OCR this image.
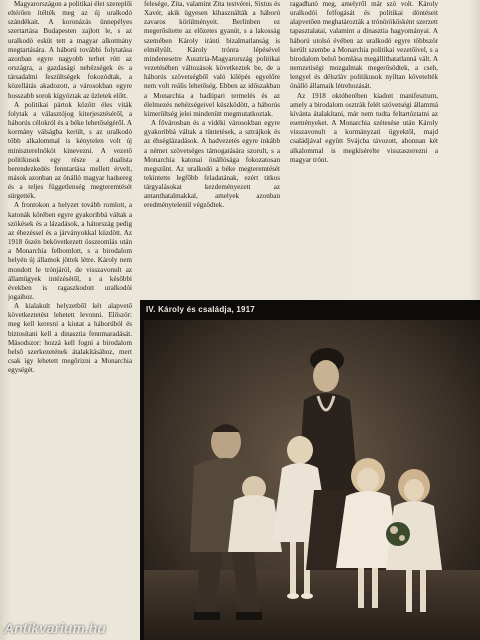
Magyarországon a politikai élet szereplői eltérően ítélték meg az új uralkodó szándékait. A koronázás ünnepélyes szertartása Budapesten zajlott le, s az uralkodó esküt tett a magyar alkotmány megtartására. A háború további folytatása azonban egyre nagyobb terhet rótt az országra, a gazdasági nehézségek és a társadalmi feszültségek fokozódtak, a közellátás akadozott, a városokban egyre hosszabb sorok kígyóztak az üzletek előtt.

A politikai pártok között éles viták folytak a választójog kiterjesztéséről, a háborús célokról és a béke lehetőségéről. A kormány válságba került, s az uralkodó több alkalommal is kénytelen volt új miniszterelnököt kinevezni. A vezető politikusok egy része a dualista berendezkedés fenntartása mellett érvelt, mások azonban az önálló magyar hadsereg és a teljes függetlenség megteremtését sürgették.

A frontokon a helyzet tovább romlott, a katonák körében egyre gyakoribbá váltak a szökések és a lázadások, a hátország pedig az éhezéssel és a járványokkal küzdött. Az 1918 őszén bekövetkezett összeomlás után a Monarchia felbomlott, s a birodalom helyén új államok jöttek létre. Károly nem mondott le trónjáról, de visszavonult az államügyek intézésétől, s a későbbi években is ragaszkodott uralkodói jogaihoz.

A kialakult helyzetből két alapvető következtetést lehetett levonni. Először: meg kell keresni a kiutat a háborúból és biztosítani kell a dinasztia fennmaradását. Másodszor: hozzá kell fogni a birodalom belső szerkezetének átalakításához, mert csak így lehetett megőrizni a Monarchia egységét.

felesége, Zita, valamint Zita testvérei, Sixtus és Xavér, akik ügyesen kihasználták a háború zavaros körülményeit. Berlinben ez megerősítette az előzetes gyanút, s a lakosság szemében Károly iránti bizalmatlanság is elmélyült. Károly trónra lépésével mindenesetre Ausztria-Magyarország politikai vezetésében változások következtek be, de a háborús szövetségből való kilépés egyelőre nem volt reális lehetőség. Ebben az időszakban a Monarchia a hadiipari termelés és az élelmezés nehézségeivel küszködött, a háborús kimerültség jelei mindenütt megmutatkoztak.

A fővárosban és a vidéki városokban egyre gyakoribbá váltak a tüntetések, a sztrájkok és az éhséglázadások. A hadvezetés egyre inkább a német szövetséges támogatására szorult, s a Monarchia katonai önállósága fokozatosan megszűnt. Az uralkodó a béke megteremtését tekintette legfőbb feladatának, ezért titkos tárgyalásokat kezdeményezett az antanthatalmakkal, amelyek azonban eredménytelenül végződtek.

ragadható meg, amelyről már szó volt. Károly uralkodói felfogását és politikai döntéseit alapvetően meghatározták a trónörökösként szerzett tapasztalatai, valamint a dinasztia hagyományai. A háború utolsó évében az uralkodó egyre többször került szembe a Monarchia politikai vezetőivel, s a birodalom belső bomlása megállíthatatlanná vált. A nemzetiségi mozgalmak megerősödtek, a cseh, lengyel és délszláv politikusok nyíltan követelték önálló államaik létrehozását.

Az 1918 októberében kiadott manifesztum, amely a birodalom osztrák felét szövetségi állammá kívánta átalakítani, már nem tudta feltartóztatni az eseményeket. A Monarchia szétesése után Károly visszavonult a kormányzati ügyektől, majd családjával együtt Svájcba távozott, ahonnan két alkalommal is megkísérelte visszaszerezni a magyar trónt.

IV. Károly és családja, 1917
Antikvarium.hu
